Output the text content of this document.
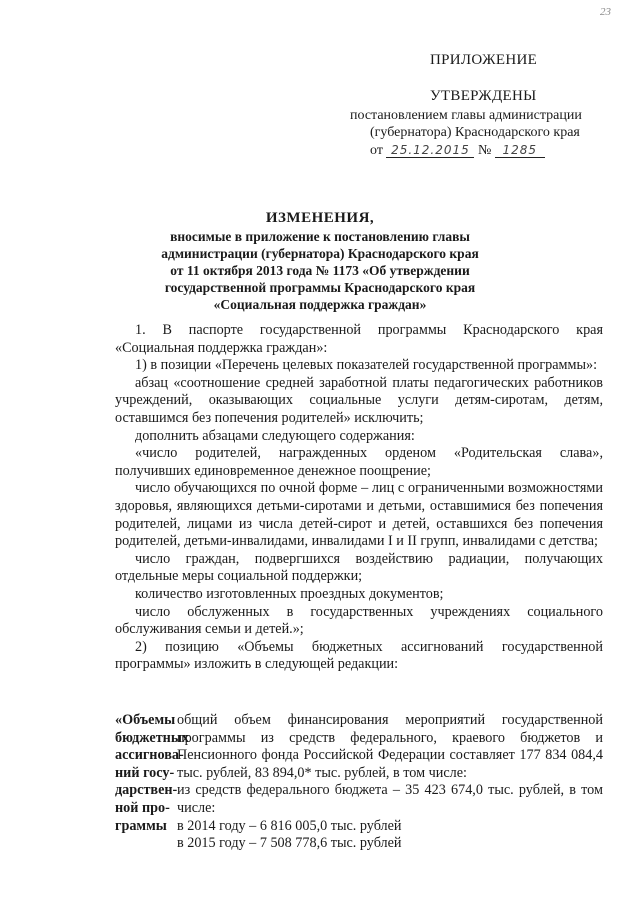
23
ПРИЛОЖЕНИЕ
УТВЕРЖДЕНЫ
постановлением главы администрации
(губернатора) Краснодарского края
от 25.12.2015 № 1285
ИЗМЕНЕНИЯ,
вносимые в приложение к постановлению главы
администрации (губернатора) Краснодарского края
от 11 октября 2013 года № 1173 «Об утверждении
государственной программы Краснодарского края
«Социальная поддержка граждан»

1. В паспорте государственной программы Краснодарского края «Социальная поддержка граждан»:

1) в позиции «Перечень целевых показателей государственной программы»:

абзац «соотношение средней заработной платы педагогических работников учреждений, оказывающих социальные услуги детям-сиротам, детям, оставшимся без попечения родителей» исключить;

дополнить абзацами следующего содержания:

«число родителей, награжденных орденом «Родительская слава», получивших единовременное денежное поощрение;

число обучающихся по очной форме – лиц с ограниченными возможностями здоровья, являющихся детьми-сиротами и детьми, оставшимися без попечения родителей, лицами из числа детей-сирот и детей, оставшихся без попечения родителей, детьми-инвалидами, инвалидами I и II групп, инвалидами с детства;

число граждан, подвергшихся воздействию радиации, получающих отдельные меры социальной поддержки;

количество изготовленных проездных документов;

число обслуженных в государственных учреждениях социального обслуживания семьи и детей.»;

2) позицию «Объемы бюджетных ассигнований государственной программы» изложить в следующей редакции:

«Объемы
бюджетных
ассигнова-
ний госу-
дарствен-
ной про-
граммы

общий объем финансирования мероприятий государственной программы из средств федерального, краевого бюджетов и Пенсионного фонда Российской Федерации составляет 177 834 084,4 тыс. рублей, 83 894,0* тыс. рублей, в том числе:

из средств федерального бюджета – 35 423 674,0 тыс. рублей, в том числе:

в 2014 году – 6 816 005,0 тыс. рублей

в 2015 году – 7 508 778,6 тыс. рублей
